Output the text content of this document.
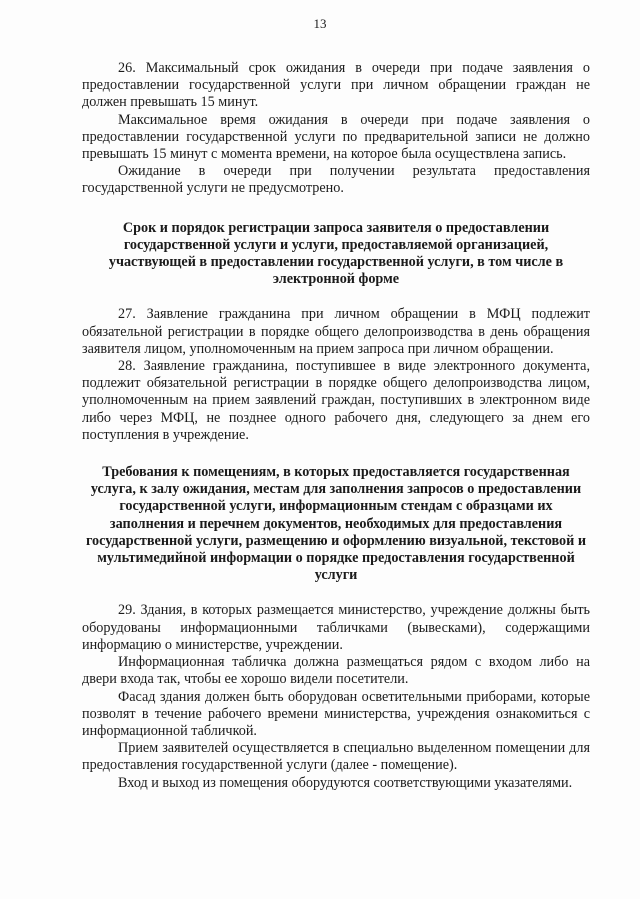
13

26. Максимальный срок ожидания в очереди при подаче заявления о предоставлении государственной услуги при личном обращении граждан не должен превышать 15 минут.

Максимальное время ожидания в очереди при подаче заявления о предоставлении государственной услуги по предварительной записи не должно превышать 15 минут с момента времени, на которое была осуществлена запись.

Ожидание в очереди при получении результата предоставления государственной услуги не предусмотрено.

Срок и порядок регистрации запроса заявителя о предоставлении государственной услуги и услуги, предоставляемой организацией, участвующей в предоставлении государственной услуги, в том числе в электронной форме

27. Заявление гражданина при личном обращении в МФЦ подлежит обязательной регистрации в порядке общего делопроизводства в день обращения заявителя лицом, уполномоченным на прием запроса при личном обращении.

28. Заявление гражданина, поступившее в виде электронного документа, подлежит обязательной регистрации в порядке общего делопроизводства лицом, уполномоченным на прием заявлений граждан, поступивших в электронном виде либо через МФЦ, не позднее одного рабочего дня, следующего за днем его поступления в учреждение.

Требования к помещениям, в которых предоставляется государственная услуга, к залу ожидания, местам для заполнения запросов о предоставлении государственной услуги, информационным стендам с образцами их заполнения и перечнем документов, необходимых для предоставления государственной услуги, размещению и оформлению визуальной, текстовой и мультимедийной информации о порядке предоставления государственной услуги

29. Здания, в которых размещается министерство, учреждение должны быть оборудованы информационными табличками (вывесками), содержащими информацию о министерстве, учреждении.

Информационная табличка должна размещаться рядом с входом либо на двери входа так, чтобы ее хорошо видели посетители.

Фасад здания должен быть оборудован осветительными приборами, которые позволят в течение рабочего времени министерства, учреждения ознакомиться с информационной табличкой.

Прием заявителей осуществляется в специально выделенном помещении для предоставления государственной услуги (далее - помещение).

Вход и выход из помещения оборудуются соответствующими указателями.
